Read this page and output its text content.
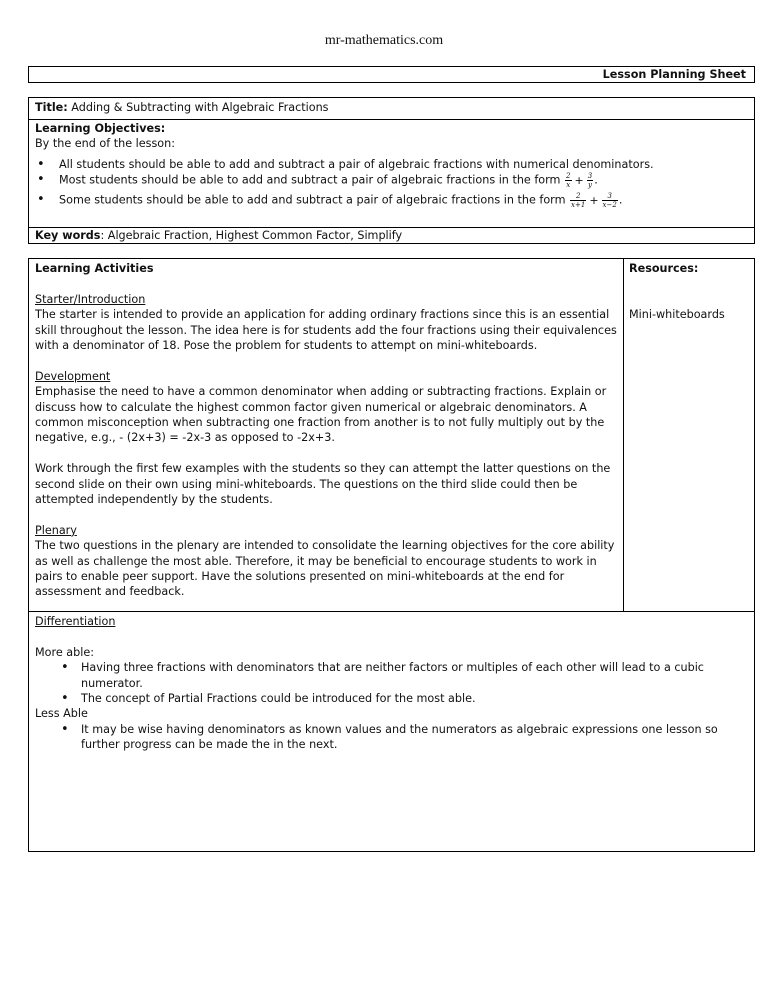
mr-mathematics.com
Lesson Planning Sheet
Title: Adding & Subtracting with Algebraic Fractions
Learning Objectives:
By the end of the lesson:
• All students should be able to add and subtract a pair of algebraic fractions with numerical denominators.
• Most students should be able to add and subtract a pair of algebraic fractions in the form $\frac{2}{x} + \frac{3}{y}$ .
• Some students should be able to add and subtract a pair of algebraic fractions in the form $\frac{2}{x+1} + \frac{3}{x-2}$ .
Key words: Algebraic Fraction, Highest Common Factor, Simplify
Learning Activities
Starter/Introduction
The starter is intended to provide an application for adding ordinary fractions since this is an essential skill throughout the lesson. The idea here is for students add the four fractions using their equivalences with a denominator of 18. Pose the problem for students to attempt on mini-whiteboards.
Development
Emphasise the need to have a common denominator when adding or subtracting fractions. Explain or discuss how to calculate the highest common factor given numerical or algebraic denominators. A common misconception when subtracting one fraction from another is to not fully multiply out by the negative, e.g., - (2x+3) = -2x-3 as opposed to -2x+3.
Work through the first few examples with the students so they can attempt the latter questions on the second slide on their own using mini-whiteboards. The questions on the third slide could then be attempted independently by the students.
Plenary
The two questions in the plenary are intended to consolidate the learning objectives for the core ability as well as challenge the most able. Therefore, it may be beneficial to encourage students to work in pairs to enable peer support. Have the solutions presented on mini-whiteboards at the end for assessment and feedback.
Resources:
Mini-whiteboards
Differentiation
More able:
• Having three fractions with denominators that are neither factors or multiples of each other will lead to a cubic numerator.
• The concept of Partial Fractions could be introduced for the most able.
Less Able
• It may be wise having denominators as known values and the numerators as algebraic expressions one lesson so further progress can be made the in the next.
